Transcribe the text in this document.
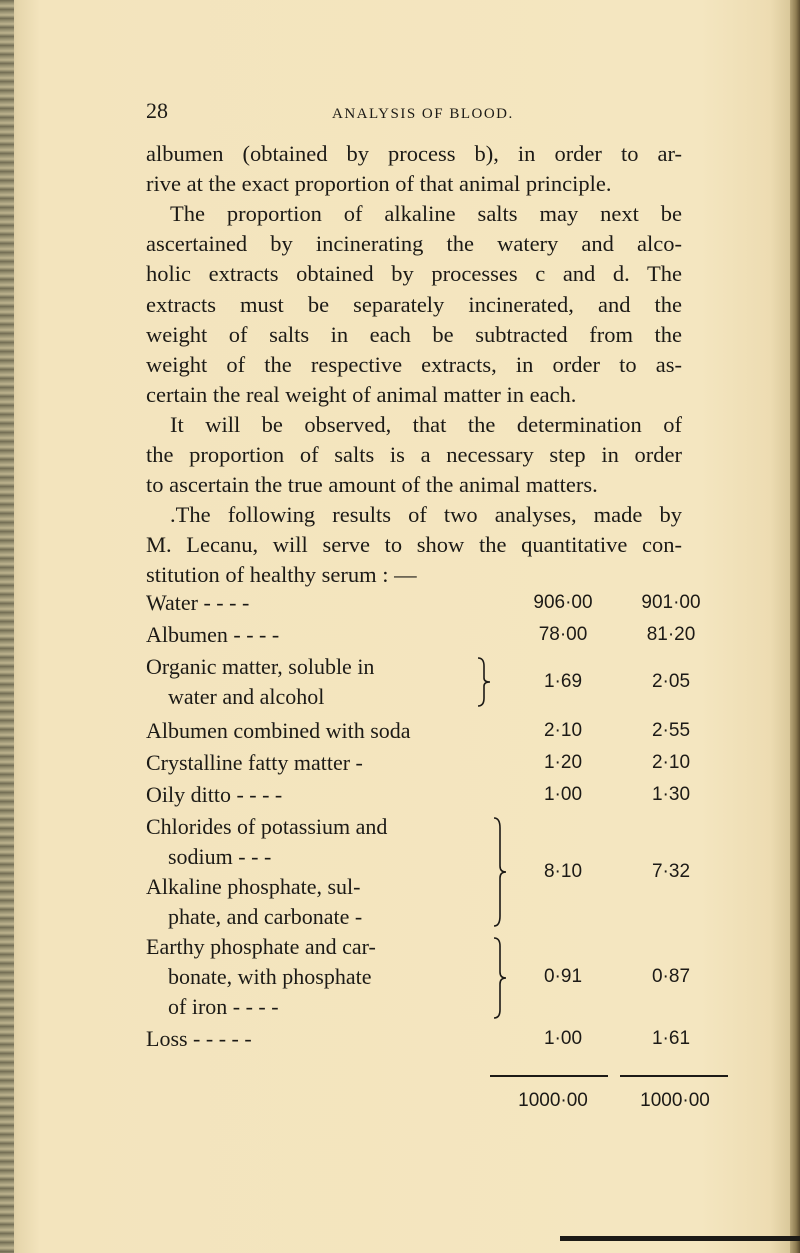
28	ANALYSIS OF BLOOD.
albumen (obtained by process b), in order to ar-
rive at the exact proportion of that animal principle.
The proportion of alkaline salts may next be
ascertained by incinerating the watery and alco-
holic extracts obtained by processes c and d. The
extracts must be separately incinerated, and the
weight of salts in each be subtracted from the
weight of the respective extracts, in order to as-
certain the real weight of animal matter in each.
It will be observed, that the determination of
the proportion of salts is a necessary step in order
to ascertain the true amount of the animal matters.
.The following results of two analyses, made by
M. Lecanu, will serve to show the quantitative con-
stitution of healthy serum : —
Water - - - -	906·00	901·00
Albumen - - - -	78·00	81·20
Organic matter, soluble in
water and alcohol
1·69	2·05
Albumen combined with soda	2·10	2·55
Crystalline fatty matter -	1·20	2·10
Oily ditto - - - -	1·00	1·30
Chlorides of potassium and
sodium - - -
Alkaline phosphate, sul-
phate, and carbonate -
8·10	7·32
Earthy phosphate and car-
bonate, with phosphate
of iron - - - -
0·91	0·87
Loss - - - - -	1·00	1·61
1000·00	1000·00
